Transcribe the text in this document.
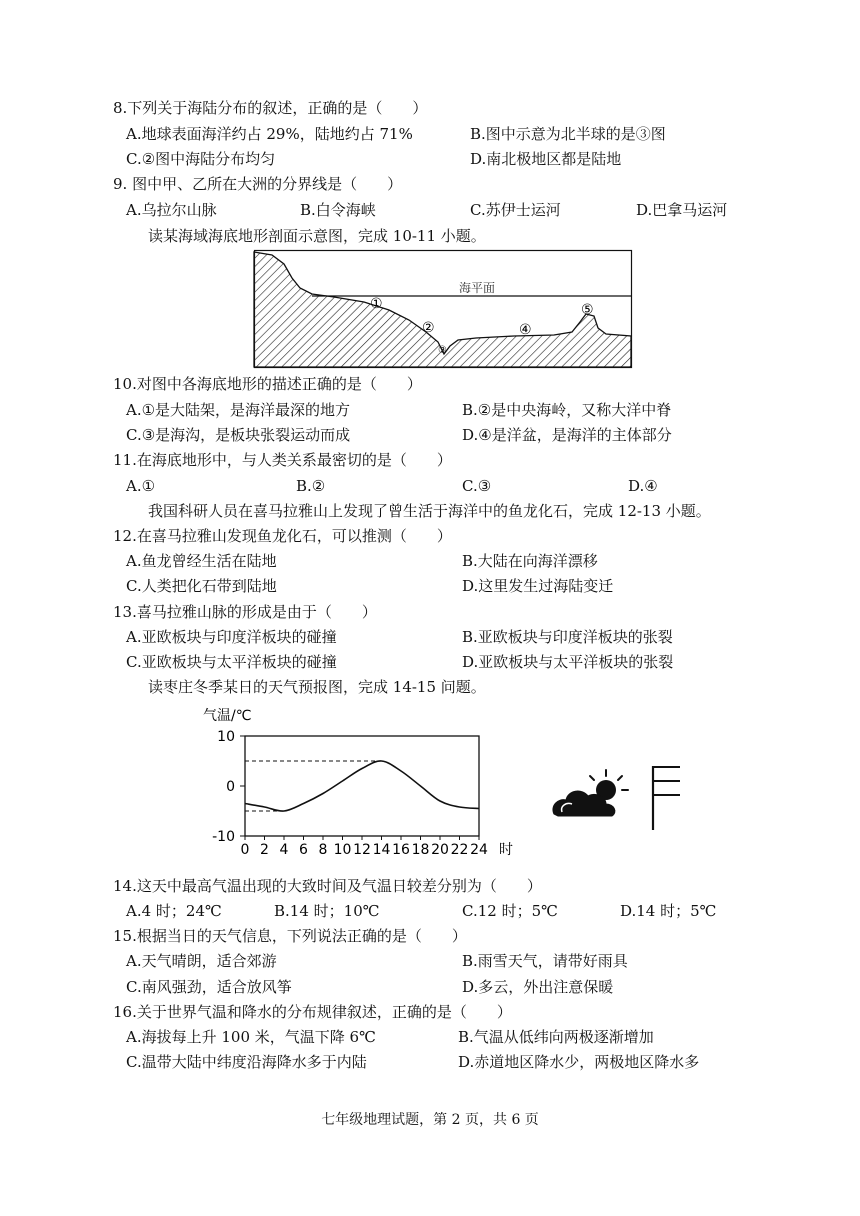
8.下列关于海陆分布的叙述，正确的是（　　）
A.地球表面海洋约占 29%，陆地约占 71%	B.图中示意为北半球的是③图
C.②图中海陆分布均匀	D.南北极地区都是陆地
9. 图中甲、乙所在大洲的分界线是（　　）
A.乌拉尔山脉	B.白令海峡	C.苏伊士运河	D.巴拿马运河
读某海域海底地形剖面示意图，完成 10-11 小题。
海平面
①
②
③
④
⑤
10.对图中各海底地形的描述正确的是（　　）
A.①是大陆架，是海洋最深的地方	B.②是中央海岭，又称大洋中脊
C.③是海沟，是板块张裂运动而成	D.④是洋盆，是海洋的主体部分
11.在海底地形中，与人类关系最密切的是（　　）
A.①	B.②	C.③	D.④
我国科研人员在喜马拉雅山上发现了曾生活于海洋中的鱼龙化石，完成 12-13 小题。
12.在喜马拉雅山发现鱼龙化石，可以推测（　　）
A.鱼龙曾经生活在陆地	B.大陆在向海洋漂移
C.人类把化石带到陆地	D.这里发生过海陆变迁
13.喜马拉雅山脉的形成是由于（　　）
A.亚欧板块与印度洋板块的碰撞	B.亚欧板块与印度洋板块的张裂
C.亚欧板块与太平洋板块的碰撞	D.亚欧板块与太平洋板块的张裂
读枣庄冬季某日的天气预报图，完成 14-15 问题。
气温/℃
0 2 4 6 8 10 12 14 16 18 20 22 24
10
0
-10
时
14.这天中最高气温出现的大致时间及气温日较差分别为（　　）
A.4 时；24℃	B.14 时；10℃	C.12 时；5℃	D.14 时；5℃
15.根据当日的天气信息，下列说法正确的是（　　）
A.天气晴朗，适合郊游	B.雨雪天气，请带好雨具
C.南风强劲，适合放风筝	D.多云，外出注意保暖
16.关于世界气温和降水的分布规律叙述，正确的是（　　）
A.海拔每上升 100 米，气温下降 6℃	B.气温从低纬向两极逐渐增加
C.温带大陆中纬度沿海降水多于内陆	D.赤道地区降水少，两极地区降水多
七年级地理试题，第 2 页，共 6 页
